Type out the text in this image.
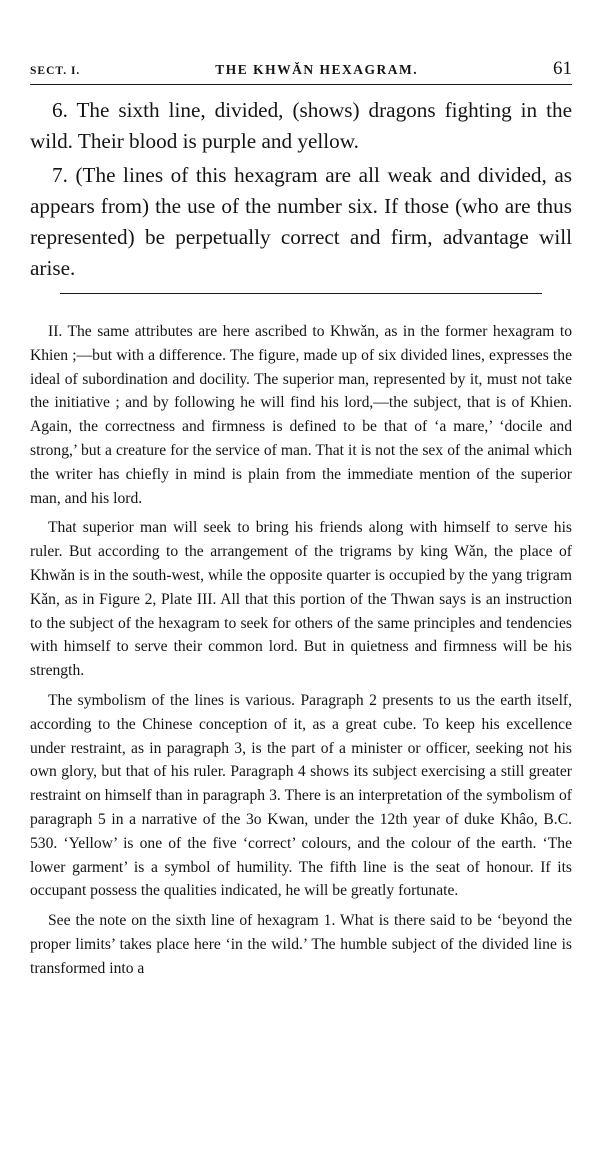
SECT. I.	THE KHWǍN HEXAGRAM.	61

6. The sixth line, divided, (shows) dragons fighting in the wild. Their blood is purple and yellow.

7. (The lines of this hexagram are all weak and divided, as appears from) the use of the number six. If those (who are thus represented) be perpetually correct and firm, advantage will arise.

II. The same attributes are here ascribed to Khwǎn, as in the former hexagram to Khien ;—but with a difference. The figure, made up of six divided lines, expresses the ideal of subordination and docility. The superior man, represented by it, must not take the initiative ; and by following he will find his lord,—the subject, that is of Khien. Again, the correctness and firmness is defined to be that of ‘a mare,’ ‘docile and strong,’ but a creature for the service of man. That it is not the sex of the animal which the writer has chiefly in mind is plain from the immediate mention of the superior man, and his lord.

That superior man will seek to bring his friends along with himself to serve his ruler. But according to the arrangement of the trigrams by king Wǎn, the place of Khwǎn is in the south-west, while the opposite quarter is occupied by the yang trigram Kǎn, as in Figure 2, Plate III. All that this portion of the Thwan says is an instruction to the subject of the hexagram to seek for others of the same principles and tendencies with himself to serve their common lord. But in quietness and firmness will be his strength.

The symbolism of the lines is various. Paragraph 2 presents to us the earth itself, according to the Chinese conception of it, as a great cube. To keep his excellence under restraint, as in paragraph 3, is the part of a minister or officer, seeking not his own glory, but that of his ruler. Paragraph 4 shows its subject exercising a still greater restraint on himself than in paragraph 3. There is an interpretation of the symbolism of paragraph 5 in a narrative of the 3o Kwan, under the 12th year of duke Khâo, B.C. 530. ‘Yellow’ is one of the five ‘correct’ colours, and the colour of the earth. ‘The lower garment’ is a symbol of humility. The fifth line is the seat of honour. If its occupant possess the qualities indicated, he will be greatly fortunate.

See the note on the sixth line of hexagram 1. What is there said to be ‘beyond the proper limits’ takes place here ‘in the wild.’ The humble subject of the divided line is transformed into a
